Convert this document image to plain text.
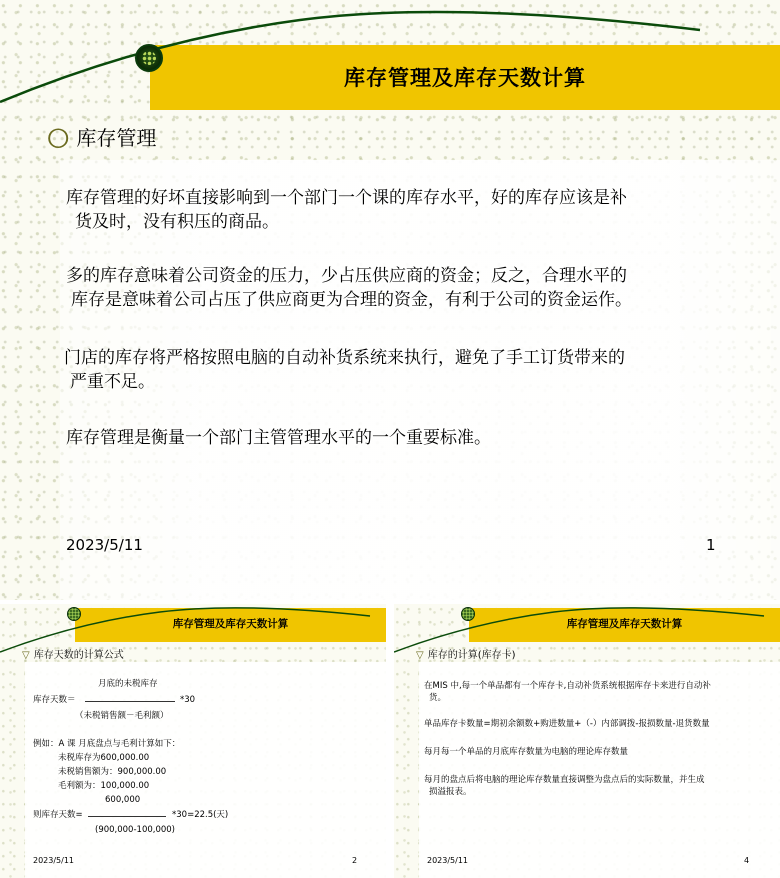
库存管理及库存天数计算
⭕︎ 库存管理
库存管理的好坏直接影响到一个部门一个课的库存水平，好的库存应该是补
货及时，没有积压的商品。
多的库存意味着公司资金的压力，少占压供应商的资金；反之，合理水平的
库存是意味着公司占压了供应商更为合理的资金，有利于公司的资金运作。
门店的库存将严格按照电脑的自动补货系统来执行，避免了手工订货带来的
严重不足。
库存管理是衡量一个部门主管管理水平的一个重要标准。
2023/5/11	1
库存管理及库存天数计算
▽ 库存天数的计算公式
月底的未税库存
库存天数＝	*30
（未税销售额－毛利额）
例如：A 课 月底盘点与毛利计算如下：
未税库存为600,000.00
未税销售额为：900,000.00
毛利额为：100,000.00
600,000
则库存天数=	*30=22.5(天)
(900,000-100,000)
2023/5/11	2
库存管理及库存天数计算
▽ 库存的计算(库存卡)
在MIS 中,每一个单品都有一个库存卡,自动补货系统根据库存卡来进行自动补
货。
单品库存卡数量=期初余额数+购进数量+（-）内部调拨-报损数量-退货数量
每月每一个单品的月底库存数量为电脑的理论库存数量
每月的盘点后将电脑的理论库存数量直接调整为盘点后的实际数量，并生成
损溢报表。
2023/5/11	4
